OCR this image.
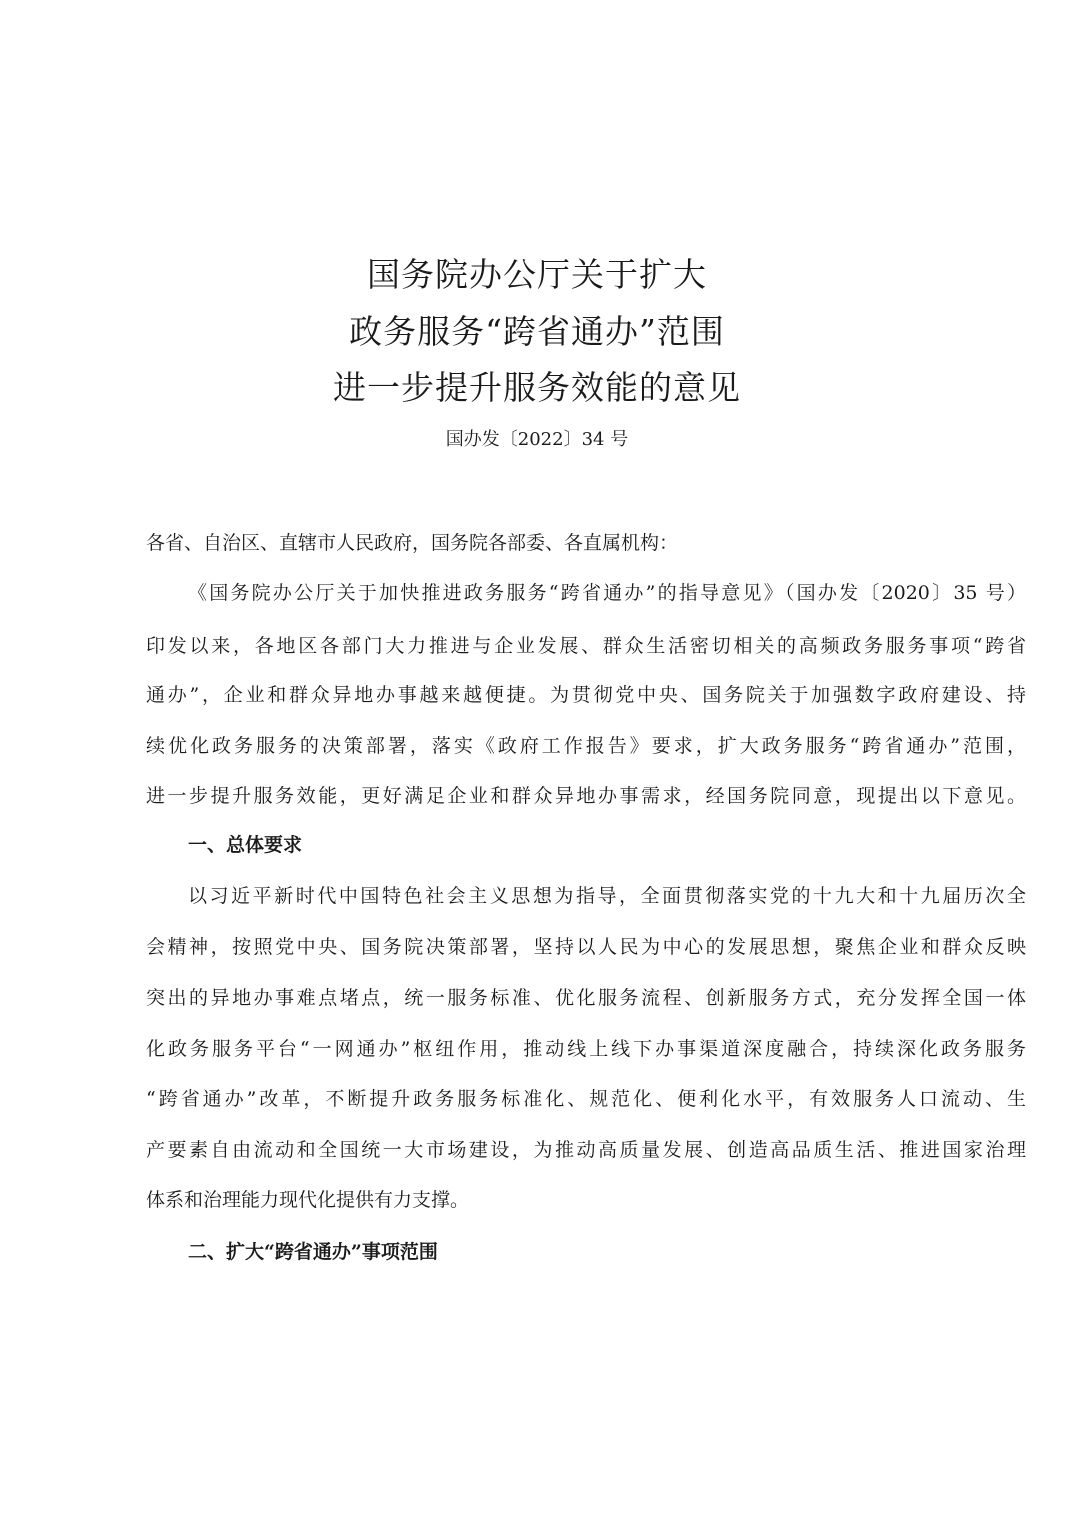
国务院办公厅关于扩大
政务服务“跨省通办”范围
进一步提升服务效能的意见
国办发〔2022〕34 号
各省、自治区、直辖市人民政府，国务院各部委、各直属机构：
《国务院办公厅关于加快推进政务服务“跨省通办”的指导意见》（国办发〔2020〕35 号）
印发以来，各地区各部门大力推进与企业发展、群众生活密切相关的高频政务服务事项“跨省
通办”，企业和群众异地办事越来越便捷。为贯彻党中央、国务院关于加强数字政府建设、持
续优化政务服务的决策部署，落实《政府工作报告》要求，扩大政务服务“跨省通办”范围，
进一步提升服务效能，更好满足企业和群众异地办事需求，经国务院同意，现提出以下意见。
一、总体要求
以习近平新时代中国特色社会主义思想为指导，全面贯彻落实党的十九大和十九届历次全
会精神，按照党中央、国务院决策部署，坚持以人民为中心的发展思想，聚焦企业和群众反映
突出的异地办事难点堵点，统一服务标准、优化服务流程、创新服务方式，充分发挥全国一体
化政务服务平台“一网通办”枢纽作用，推动线上线下办事渠道深度融合，持续深化政务服务
“跨省通办”改革，不断提升政务服务标准化、规范化、便利化水平，有效服务人口流动、生
产要素自由流动和全国统一大市场建设，为推动高质量发展、创造高品质生活、推进国家治理
体系和治理能力现代化提供有力支撑。
二、扩大“跨省通办”事项范围
